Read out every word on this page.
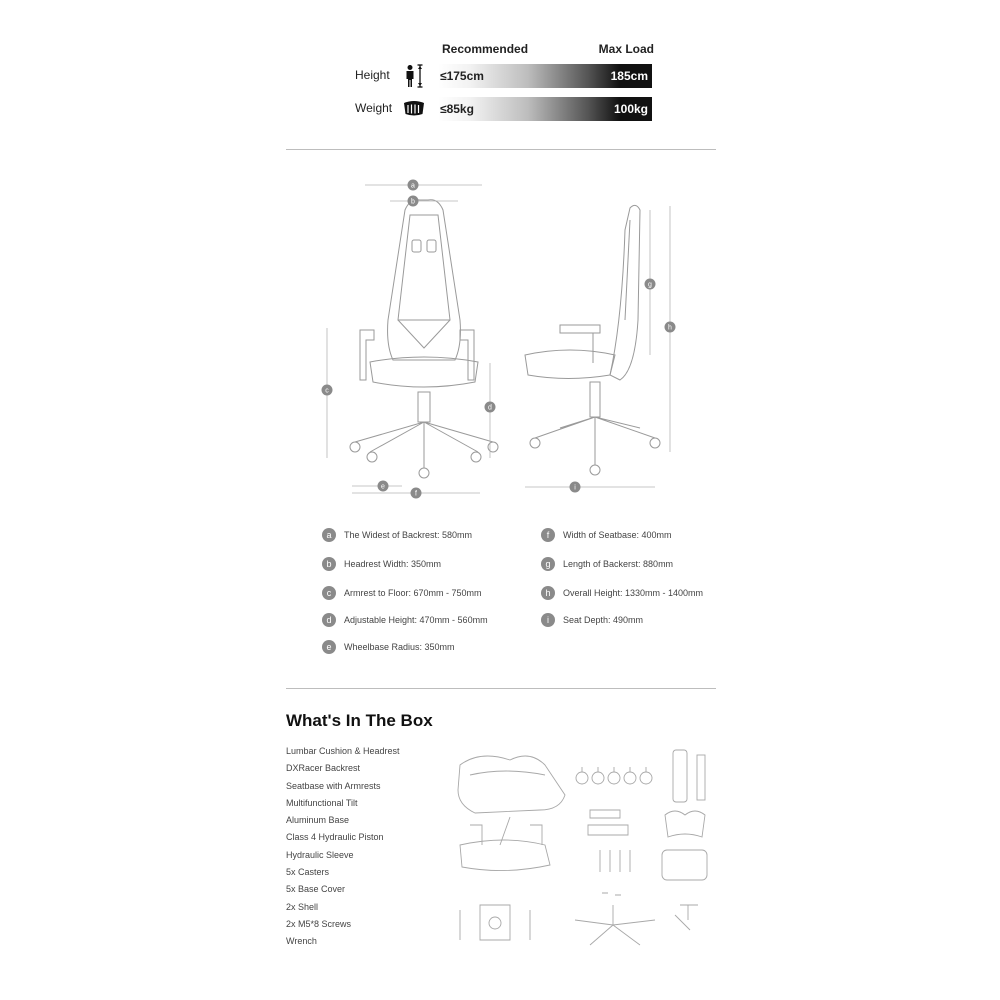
Recommended	Max Load
Height	≤175cm	185cm
Weight	≤85kg	100kg
a
b
c
d
e
f
g
h
i
a	The Widest of Backrest: 580mm
b	Headrest Width: 350mm
c	Armrest to Floor: 670mm - 750mm
d	Adjustable Height: 470mm - 560mm
e	Wheelbase Radius: 350mm
f	Width of Seatbase: 400mm
g	Length of Backerst: 880mm
h	Overall Height: 1330mm - 1400mm
i	Seat Depth: 490mm
What's In The Box
Lumbar Cushion & Headrest
DXRacer Backrest
Seatbase with Armrests
Multifunctional Tilt
Aluminum Base
Class 4 Hydraulic Piston
Hydraulic Sleeve
5x Casters
5x Base Cover
2x Shell
2x M5*8 Screws
Wrench
